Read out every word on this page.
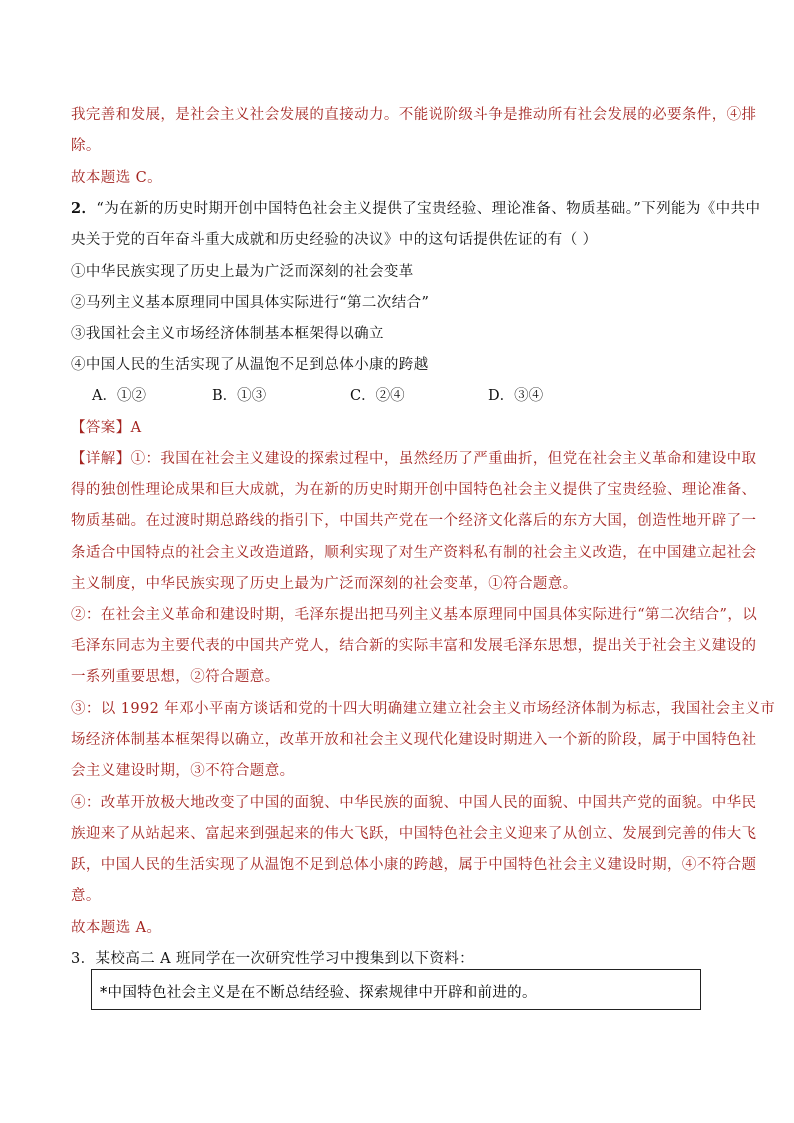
我完善和发展，是社会主义社会发展的直接动力。不能说阶级斗争是推动所有社会发展的必要条件，④排
除。
故本题选 C。
2．“为在新的历史时期开创中国特色社会主义提供了宝贵经验、理论准备、物质基础。”下列能为《中共中
央关于党的百年奋斗重大成就和历史经验的决议》中的这句话提供佐证的有（ ）
①中华民族实现了历史上最为广泛而深刻的社会变革
②马列主义基本原理同中国具体实际进行“第二次结合”
③我国社会主义市场经济体制基本框架得以确立
④中国人民的生活实现了从温饱不足到总体小康的跨越
A．①②	B．①③	C．②④	D．③④
【答案】A
【详解】①：我国在社会主义建设的探索过程中，虽然经历了严重曲折，但党在社会主义革命和建设中取
得的独创性理论成果和巨大成就，为在新的历史时期开创中国特色社会主义提供了宝贵经验、理论准备、
物质基础。在过渡时期总路线的指引下，中国共产党在一个经济文化落后的东方大国，创造性地开辟了一
条适合中国特点的社会主义改造道路，顺利实现了对生产资料私有制的社会主义改造，在中国建立起社会
主义制度，中华民族实现了历史上最为广泛而深刻的社会变革，①符合题意。
②：在社会主义革命和建设时期，毛泽东提出把马列主义基本原理同中国具体实际进行“第二次结合”，以
毛泽东同志为主要代表的中国共产党人，结合新的实际丰富和发展毛泽东思想，提出关于社会主义建设的
一系列重要思想，②符合题意。
③：以 1992 年邓小平南方谈话和党的十四大明确建立建立社会主义市场经济体制为标志，我国社会主义市
场经济体制基本框架得以确立，改革开放和社会主义现代化建设时期进入一个新的阶段，属于中国特色社
会主义建设时期，③不符合题意。
④：改革开放极大地改变了中国的面貌、中华民族的面貌、中国人民的面貌、中国共产党的面貌。中华民
族迎来了从站起来、富起来到强起来的伟大飞跃，中国特色社会主义迎来了从创立、发展到完善的伟大飞
跃，中国人民的生活实现了从温饱不足到总体小康的跨越，属于中国特色社会主义建设时期，④不符合题
意。
故本题选 A。
3．某校高二 A 班同学在一次研究性学习中搜集到以下资料：
*中国特色社会主义是在不断总结经验、探索规律中开辟和前进的。
